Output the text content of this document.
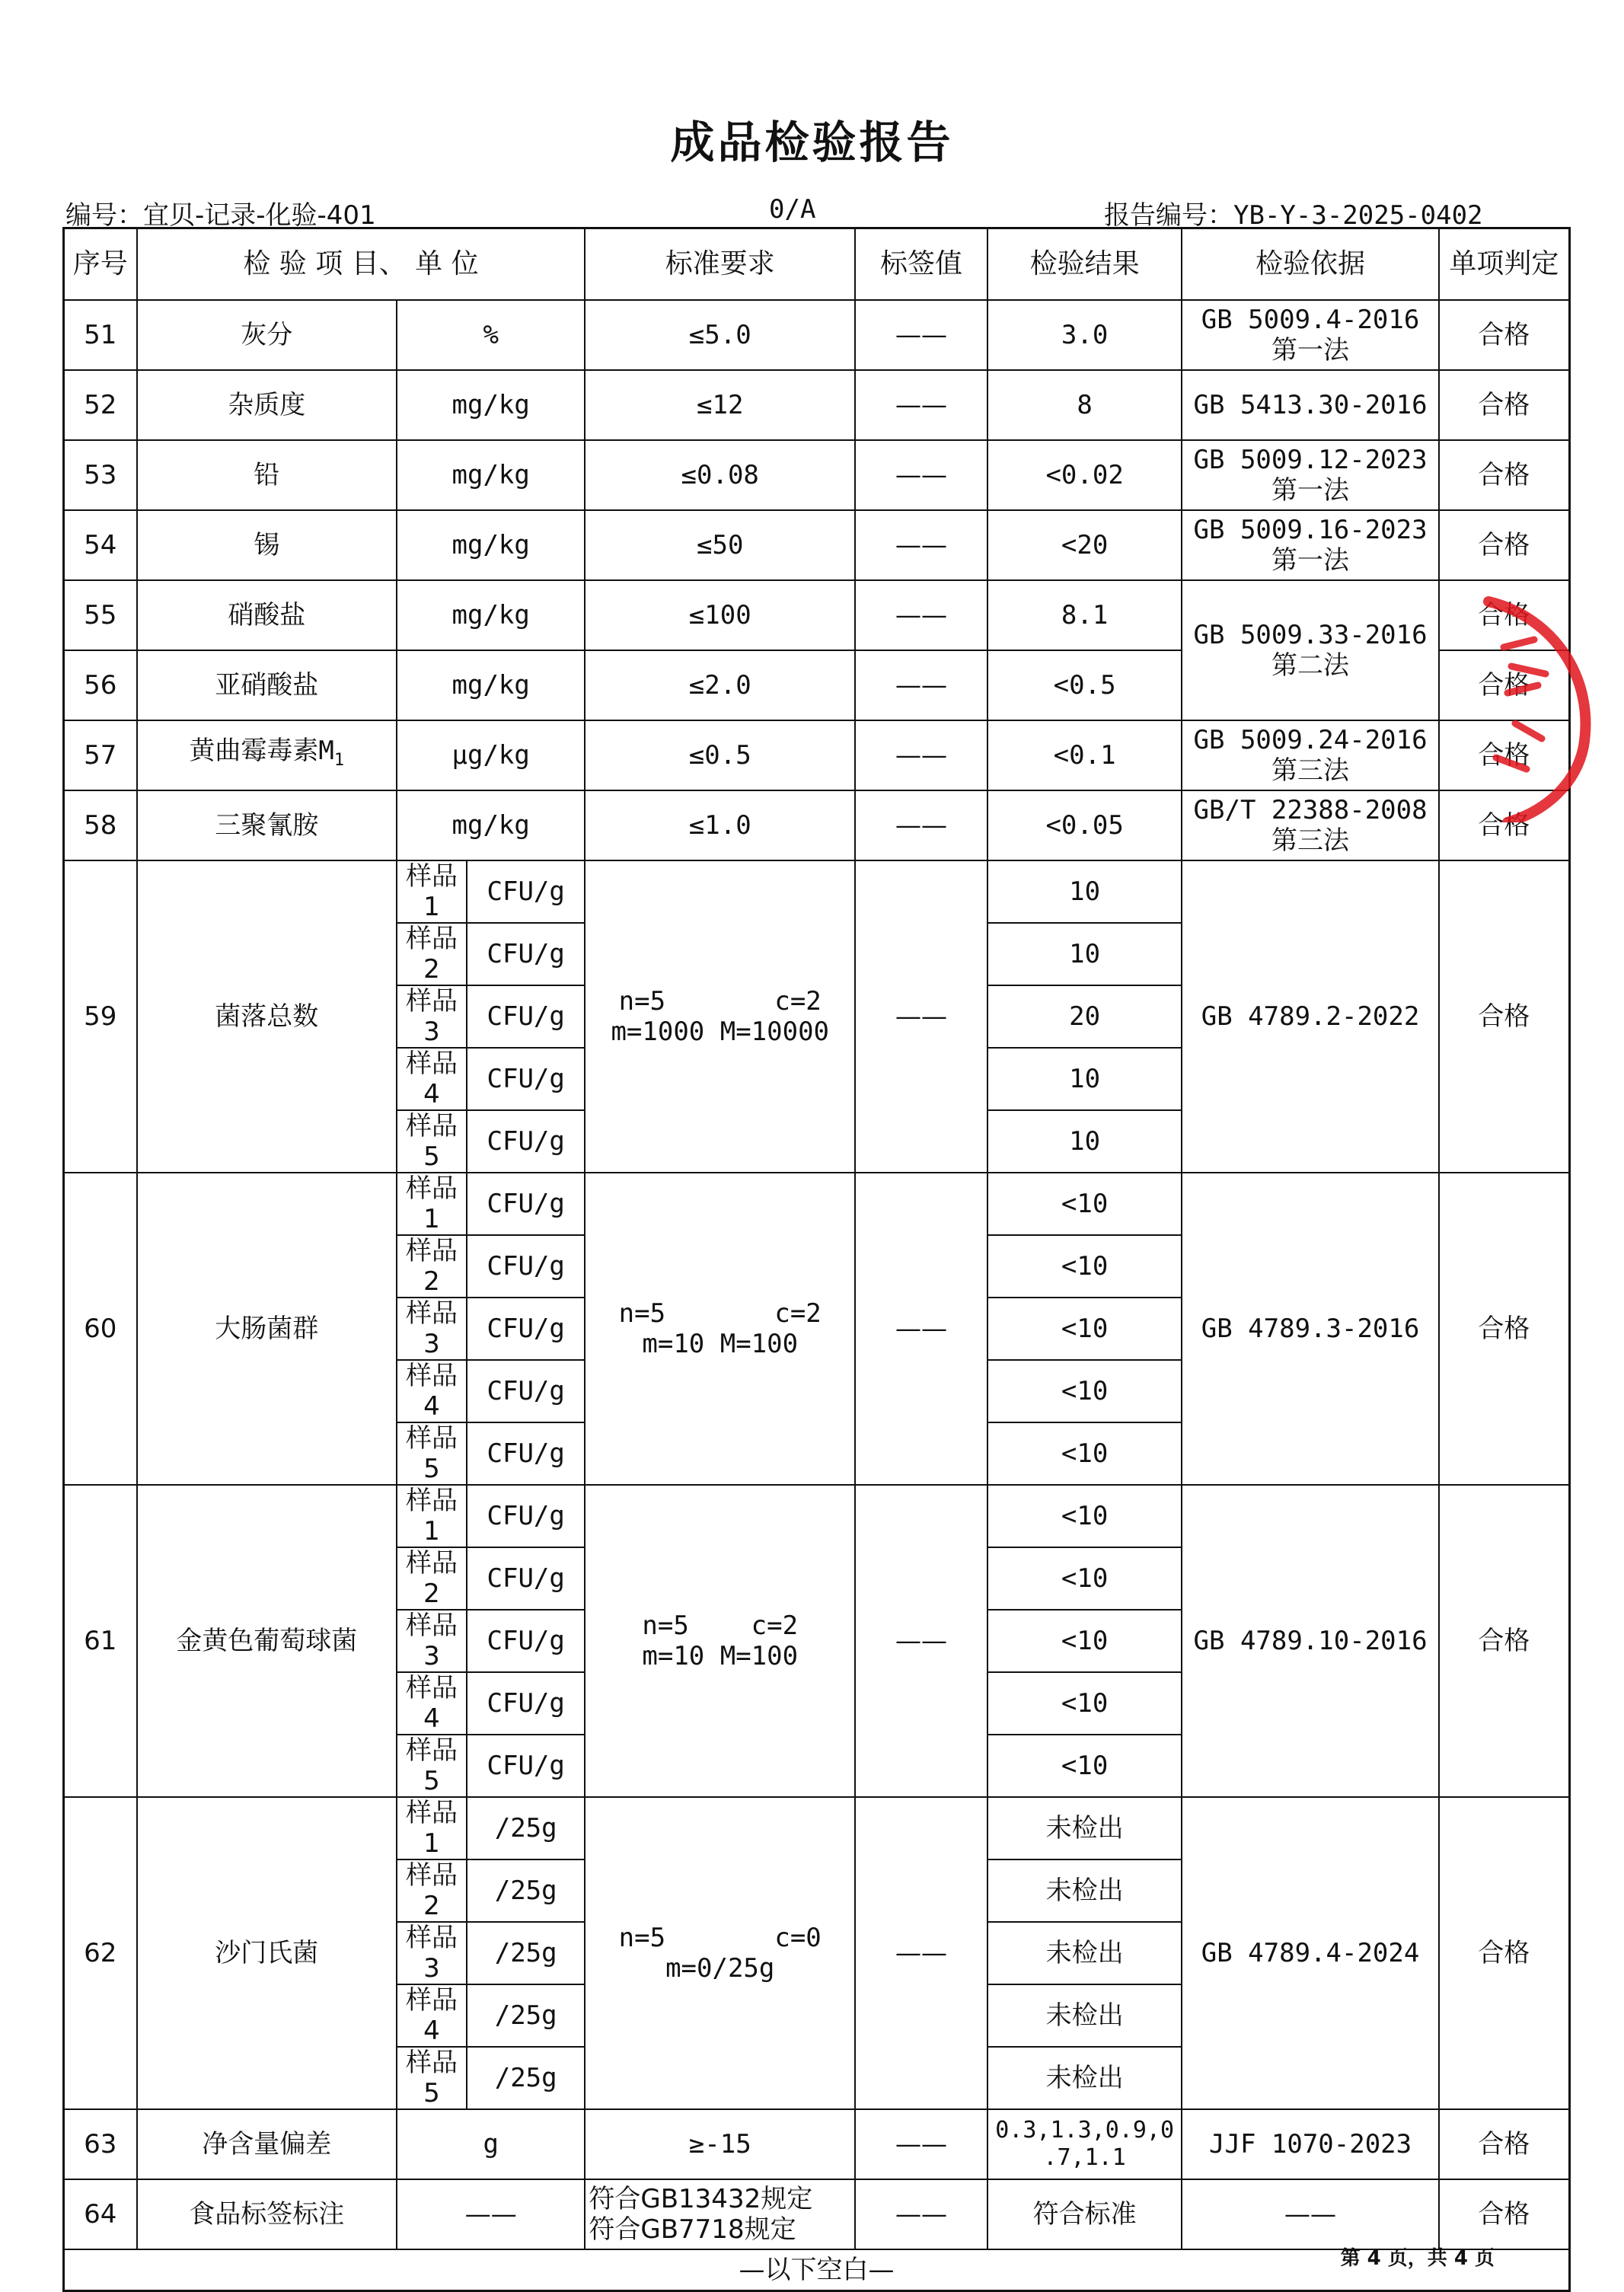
成品检验报告
编号：宜贝-记录-化验-401	0/A	报告编号：YB-Y-3-2025-0402
序号	检 验 项 目、 单 位			标准要求	标签值	检验结果	检验依据	单项判定
51	灰分	%		≤5.0	——	3.0	GB 5009.4-2016
第一法	合格
52	杂质度	mg/kg		≤12	——	8	GB 5413.30-2016	合格
53	铅	mg/kg		≤0.08	——	<0.02	GB 5009.12-2023
第一法	合格
54	锡	mg/kg		≤50	——	<20	GB 5009.16-2023
第一法	合格
55	硝酸盐	mg/kg		≤100	——	8.1	GB 5009.33-2016
第二法	合格
56	亚硝酸盐	mg/kg		≤2.0	——	<0.5		合格
57	黄曲霉毒素$M_1$	μg/kg		≤0.5	——	<0.1	GB 5009.24-2016
第三法	合格
58	三聚氰胺	mg/kg		≤1.0	——	<0.05	GB/T 22388-2008
第三法	合格
59	菌落总数	样品1	CFU/g	n=5       c=2
m=1000 M=10000	——	10	GB 4789.2-2022	合格
		样品2	CFU/g			10		
		样品3	CFU/g			20		
		样品4	CFU/g			10		
		样品5	CFU/g			10		
60	大肠菌群	样品1	CFU/g	n=5       c=2
m=10 M=100	——	<10	GB 4789.3-2016	合格
		样品2	CFU/g			<10		
		样品3	CFU/g			<10		
		样品4	CFU/g			<10		
		样品5	CFU/g			<10		
61	金黄色葡萄球菌	样品1	CFU/g	n=5    c=2
m=10 M=100	——	<10	GB 4789.10-2016	合格
		样品2	CFU/g			<10		
		样品3	CFU/g			<10		
		样品4	CFU/g			<10		
		样品5	CFU/g			<10		
62	沙门氏菌	样品1	/25g	n=5       c=0
m=0/25g	——	未检出	GB 4789.4-2024	合格
		样品2	/25g			未检出		
		样品3	/25g			未检出		
		样品4	/25g			未检出		
		样品5	/25g			未检出		
63	净含量偏差	g		≥-15	——	0.3,1.3,0.9,0
.7,1.1	JJF 1070-2023	合格
64	食品标签标注	——		符合GB13432规定
符合GB7718规定	——	符合标准	——	合格
—以下空白—									第 4 页，共 4 页
